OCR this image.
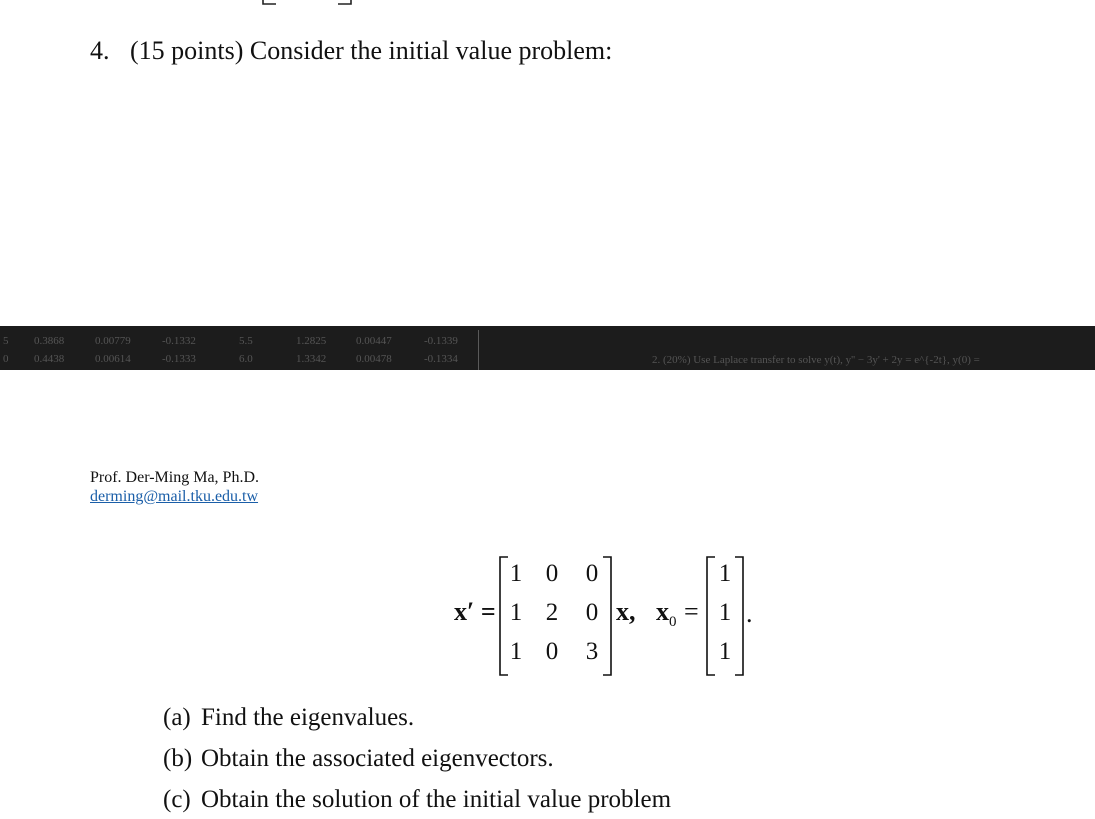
4. (15 points) Consider the initial value problem:
5 0.3868	0.00779	-0.1332	5.5	1.2825	0.00447	-0.1339
0 0.4438	0.00614	-0.1333	6.0	1.3342	0.00478	-0.1334	2. (20%) Use Laplace transfer to solve y(t), y'' − 3y' + 2y = e^{-2t}, y(0) =
Prof. Der-Ming Ma, Ph.D.
derming@mail.tku.edu.tw
x′ =
1 0 0
1 2 0
1 0 3
x, $x_0$ =
1
1
1
.
(a) Find the eigenvalues.
(b) Obtain the associated eigenvectors.
(c) Obtain the solution of the initial value problem
